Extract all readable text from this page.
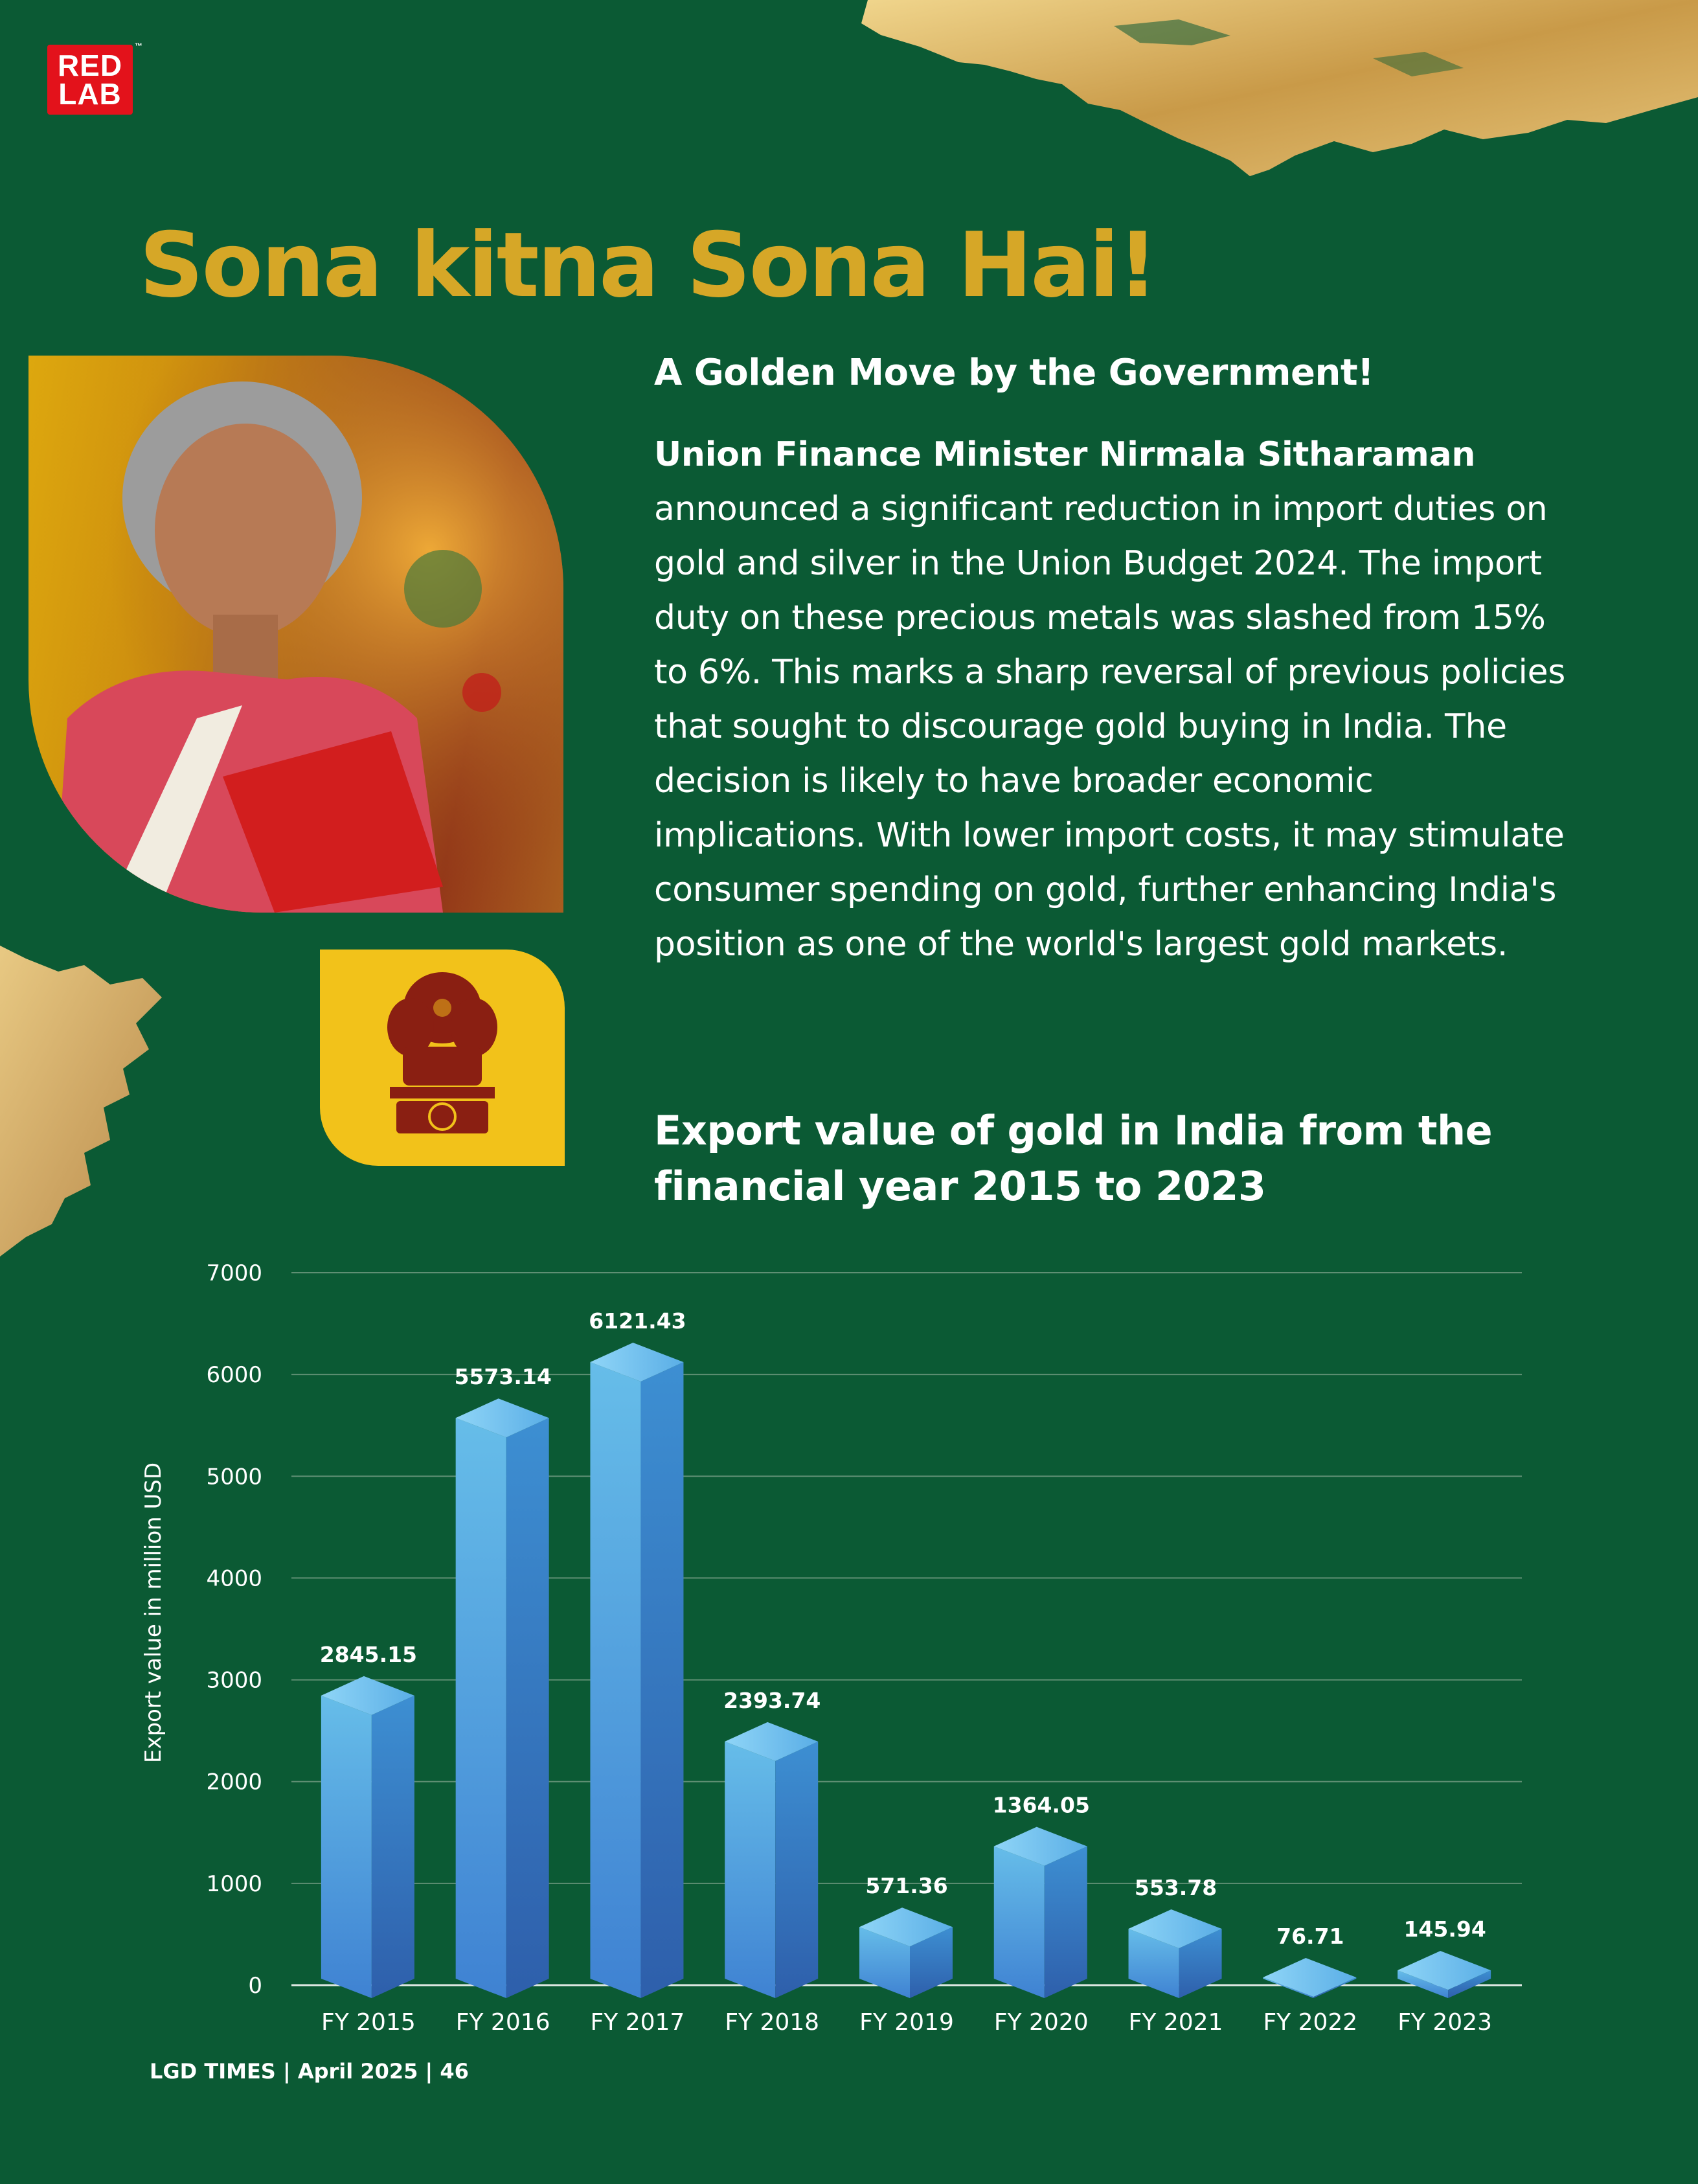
RED
LAB
™
Sona kitna Sona Hai!
A Golden Move by the Government!

Union Finance Minister Nirmala Sitharaman announced a significant reduction in import duties on gold and silver in the Union Budget 2024. The import duty on these precious metals was slashed from 15% to 6%. This marks a sharp reversal of previous policies that sought to discourage gold buying in India. The decision is likely to have broader economic implications. With lower import costs, it may stimulate consumer spending on gold, further enhancing India's position as one of the world's largest gold markets.

Export value of gold in India from the financial year 2015 to 2023
0
1000
2000
3000
4000
5000
6000
7000
2845.15
5573.14
6121.43
2393.74
571.36
1364.05
553.78
76.71	145.94
FY 2015 FY 2016 FY 2017 FY 2018 FY 2019 FY 2020 FY 2021 FY 2022 FY 2023
Export value in million USD

LGD TIMES | April 2025 | 46
